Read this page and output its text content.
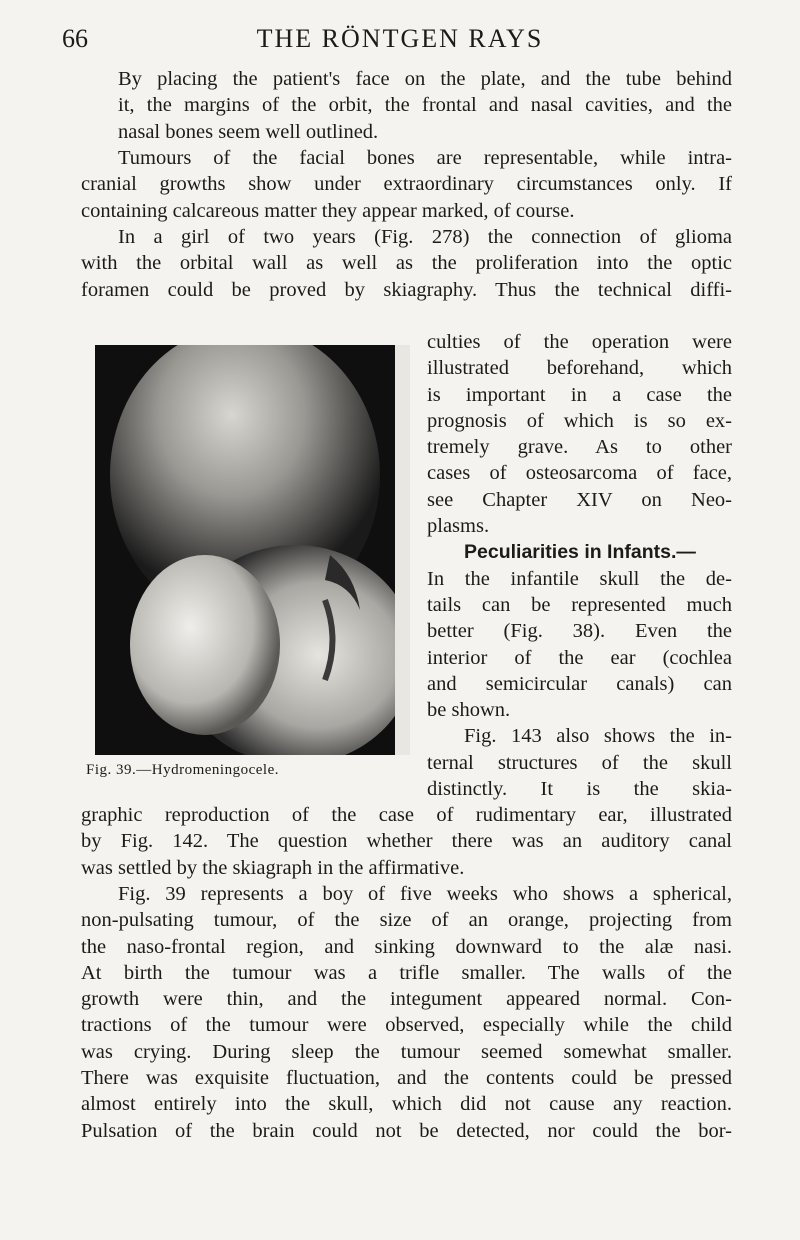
66	THE RÖNTGEN RAYS
By placing the patient's face on the plate, and the tube behind
it, the margins of the orbit, the frontal and nasal cavities, and the
nasal bones seem well outlined.
Tumours of the facial bones are representable, while intra-
cranial growths show under extraordinary circumstances only. If
containing calcareous matter they appear marked, of course.
In a girl of two years (Fig. 278) the connection of glioma
with the orbital wall as well as the proliferation into the optic
foramen could be proved by skiagraphy. Thus the technical diffi-
Fig. 39.—Hydromeningocele.
culties of the operation were
illustrated beforehand, which
is important in a case the
prognosis of which is so ex-
tremely grave. As to other
cases of osteosarcoma of face,
see Chapter XIV on Neo-
plasms.
Peculiarities in Infants.—
In the infantile skull the de-
tails can be represented much
better (Fig. 38). Even the
interior of the ear (cochlea
and semicircular canals) can
be shown.
Fig. 143 also shows the in-
ternal structures of the skull
distinctly. It is the skia-
graphic reproduction of the case of rudimentary ear, illustrated
by Fig. 142. The question whether there was an auditory canal
was settled by the skiagraph in the affirmative.
Fig. 39 represents a boy of five weeks who shows a spherical,
non-pulsating tumour, of the size of an orange, projecting from
the naso-frontal region, and sinking downward to the alæ nasi.
At birth the tumour was a trifle smaller. The walls of the
growth were thin, and the integument appeared normal. Con-
tractions of the tumour were observed, especially while the child
was crying. During sleep the tumour seemed somewhat smaller.
There was exquisite fluctuation, and the contents could be pressed
almost entirely into the skull, which did not cause any reaction.
Pulsation of the brain could not be detected, nor could the bor-
